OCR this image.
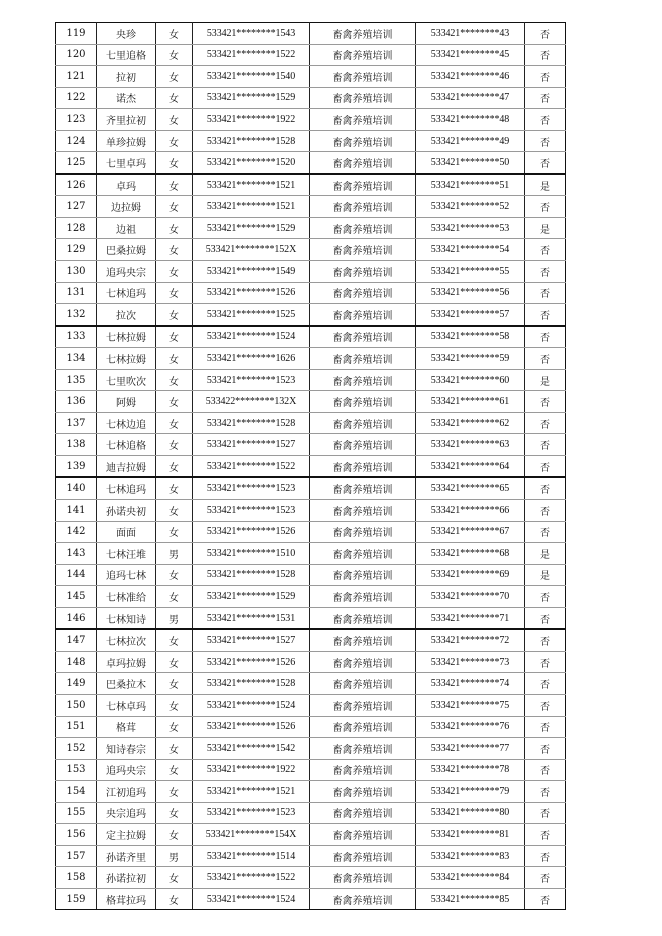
119	央珍	女	533421********1543	畜禽养殖培训	533421********43	否
120	七里追格	女	533421********1522	畜禽养殖培训	533421********45	否
121	拉初	女	533421********1540	畜禽养殖培训	533421********46	否
122	诺杰	女	533421********1529	畜禽养殖培训	533421********47	否
123	齐里拉初	女	533421********1922	畜禽养殖培训	533421********48	否
124	单珍拉姆	女	533421********1528	畜禽养殖培训	533421********49	否
125	七里卓玛	女	533421********1520	畜禽养殖培训	533421********50	否
126	卓玛	女	533421********1521	畜禽养殖培训	533421********51	是
127	边拉姆	女	533421********1521	畜禽养殖培训	533421********52	否
128	边祖	女	533421********1529	畜禽养殖培训	533421********53	是
129	巴桑拉姆	女	533421********152X	畜禽养殖培训	533421********54	否
130	追玛央宗	女	533421********1549	畜禽养殖培训	533421********55	否
131	七林追玛	女	533421********1526	畜禽养殖培训	533421********56	否
132	拉次	女	533421********1525	畜禽养殖培训	533421********57	否
133	七林拉姆	女	533421********1524	畜禽养殖培训	533421********58	否
134	七林拉姆	女	533421********1626	畜禽养殖培训	533421********59	否
135	七里吹次	女	533421********1523	畜禽养殖培训	533421********60	是
136	阿姆	女	533422********132X	畜禽养殖培训	533421********61	否
137	七林边追	女	533421********1528	畜禽养殖培训	533421********62	否
138	七林追格	女	533421********1527	畜禽养殖培训	533421********63	否
139	迪吉拉姆	女	533421********1522	畜禽养殖培训	533421********64	否
140	七林追玛	女	533421********1523	畜禽养殖培训	533421********65	否
141	孙诺央初	女	533421********1523	畜禽养殖培训	533421********66	否
142	面面	女	533421********1526	畜禽养殖培训	533421********67	否
143	七林汪堆	男	533421********1510	畜禽养殖培训	533421********68	是
144	追玛七林	女	533421********1528	畜禽养殖培训	533421********69	是
145	七林准给	女	533421********1529	畜禽养殖培训	533421********70	否
146	七林知诗	男	533421********1531	畜禽养殖培训	533421********71	否
147	七林拉次	女	533421********1527	畜禽养殖培训	533421********72	否
148	卓玛拉姆	女	533421********1526	畜禽养殖培训	533421********73	否
149	巴桑拉木	女	533421********1528	畜禽养殖培训	533421********74	否
150	七林卓玛	女	533421********1524	畜禽养殖培训	533421********75	否
151	格茸	女	533421********1526	畜禽养殖培训	533421********76	否
152	知诗春宗	女	533421********1542	畜禽养殖培训	533421********77	否
153	追玛央宗	女	533421********1922	畜禽养殖培训	533421********78	否
154	江初追玛	女	533421********1521	畜禽养殖培训	533421********79	否
155	央宗追玛	女	533421********1523	畜禽养殖培训	533421********80	否
156	定主拉姆	女	533421********154X	畜禽养殖培训	533421********81	否
157	孙诺齐里	男	533421********1514	畜禽养殖培训	533421********83	否
158	孙诺拉初	女	533421********1522	畜禽养殖培训	533421********84	否
159	格茸拉玛	女	533421********1524	畜禽养殖培训	533421********85	否
